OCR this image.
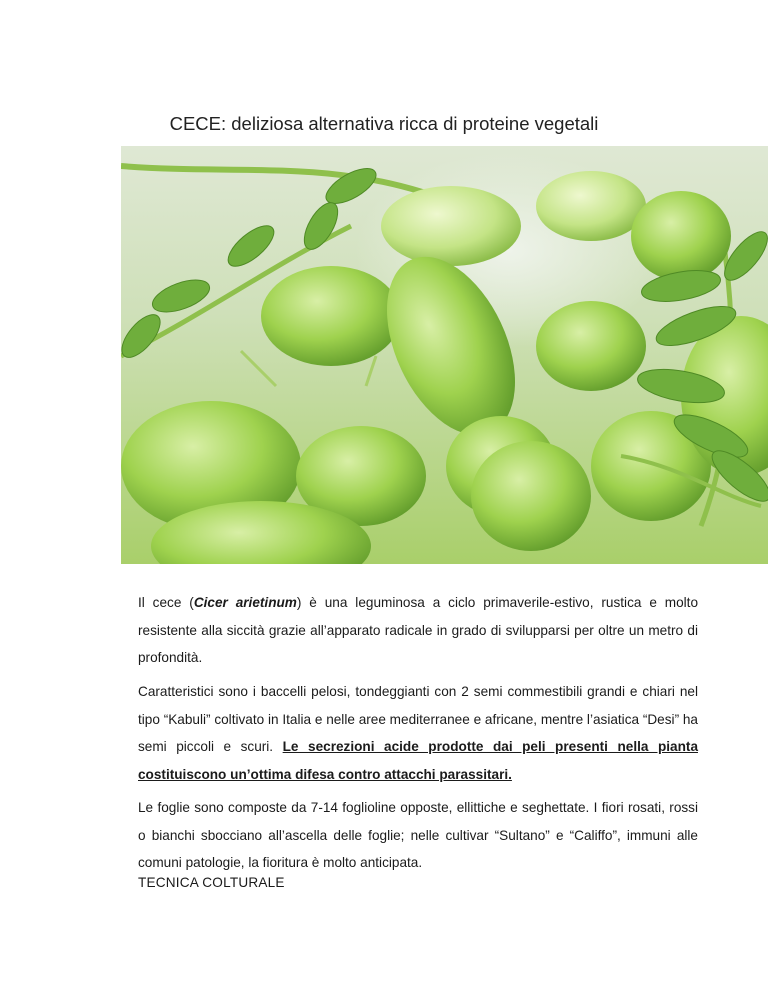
CECE: deliziosa alternativa ricca di proteine vegetali
Il cece (Cicer arietinum) è una leguminosa a ciclo primaverile-estivo, rustica e molto resistente alla siccità grazie all’apparato radicale in grado di svilupparsi per oltre un metro di profondità.
Caratteristici sono i baccelli pelosi, tondeggianti con 2 semi commestibili grandi e chiari nel tipo “Kabuli” coltivato in Italia e nelle aree mediterranee e africane, mentre l’asiatica “Desi” ha semi piccoli e scuri. Le secrezioni acide prodotte dai peli presenti nella pianta costituiscono un’ottima difesa contro attacchi parassitari.
Le foglie sono composte da 7-14 foglioline opposte, ellittiche e seghettate. I fiori rosati, rossi o bianchi sbocciano all’ascella delle foglie; nelle cultivar “Sultano” e “Califfo”, immuni alle comuni patologie, la fioritura è molto anticipata.
TECNICA COLTURALE
